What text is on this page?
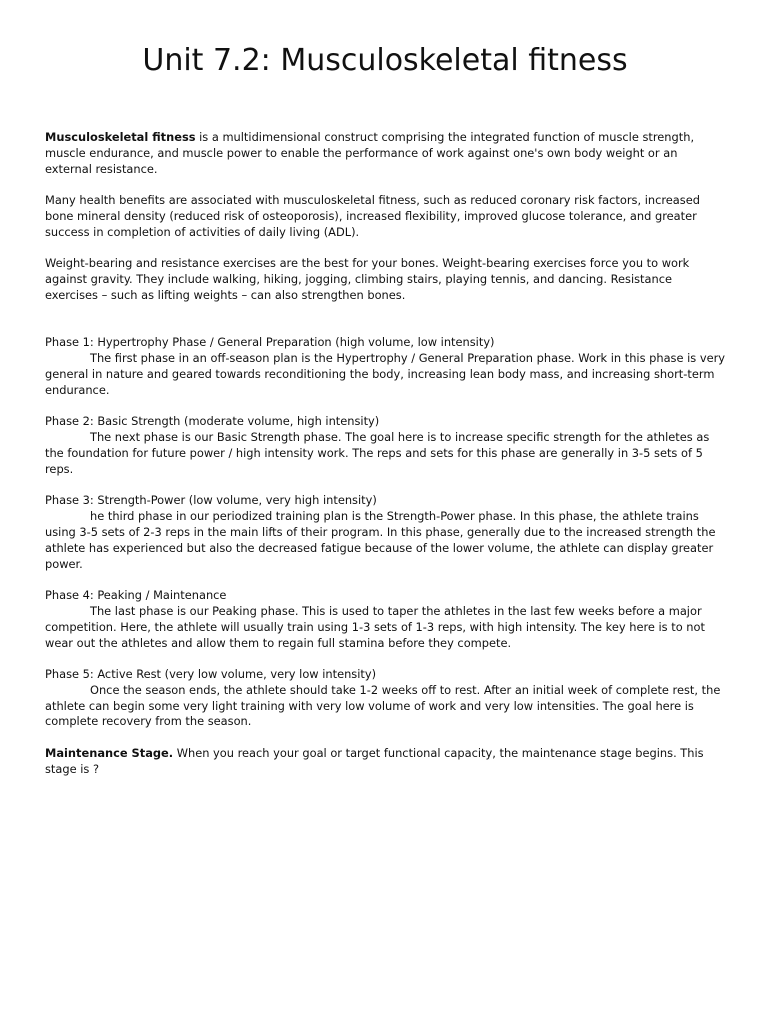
Unit 7.2: Musculoskeletal fitness

Musculoskeletal fitness is a multidimensional construct comprising the integrated function of muscle strength, muscle endurance, and muscle power to enable the performance of work against one's own body weight or an external resistance.

Many health benefits are associated with musculoskeletal fitness, such as reduced coronary risk factors, increased bone mineral density (reduced risk of osteoporosis), increased flexibility, improved glucose tolerance, and greater success in completion of activities of daily living (ADL).

Weight-bearing and resistance exercises are the best for your bones. Weight-bearing exercises force you to work against gravity. They include walking, hiking, jogging, climbing stairs, playing tennis, and dancing. Resistance exercises – such as lifting weights – can also strengthen bones.

Phase 1: Hypertrophy Phase / General Preparation (high volume, low intensity)

The first phase in an off-season plan is the Hypertrophy / General Preparation phase. Work in this phase is very general in nature and geared towards reconditioning the body, increasing lean body mass, and increasing short-term endurance.

Phase 2: Basic Strength (moderate volume, high intensity)

The next phase is our Basic Strength phase. The goal here is to increase specific strength for the athletes as the foundation for future power / high intensity work. The reps and sets for this phase are generally in 3-5 sets of 5 reps.

Phase 3: Strength-Power (low volume, very high intensity)

he third phase in our periodized training plan is the Strength-Power phase. In this phase, the athlete trains using 3-5 sets of 2-3 reps in the main lifts of their program. In this phase, generally due to the increased strength the athlete has experienced but also the decreased fatigue because of the lower volume, the athlete can display greater power.

Phase 4: Peaking / Maintenance

The last phase is our Peaking phase. This is used to taper the athletes in the last few weeks before a major competition. Here, the athlete will usually train using 1-3 sets of 1-3 reps, with high intensity. The key here is to not wear out the athletes and allow them to regain full stamina before they compete.

Phase 5: Active Rest (very low volume, very low intensity)

Once the season ends, the athlete should take 1-2 weeks off to rest. After an initial week of complete rest, the athlete can begin some very light training with very low volume of work and very low intensities. The goal here is complete recovery from the season.

Maintenance Stage. When you reach your goal or target functional capacity, the maintenance stage begins. This stage is ?
